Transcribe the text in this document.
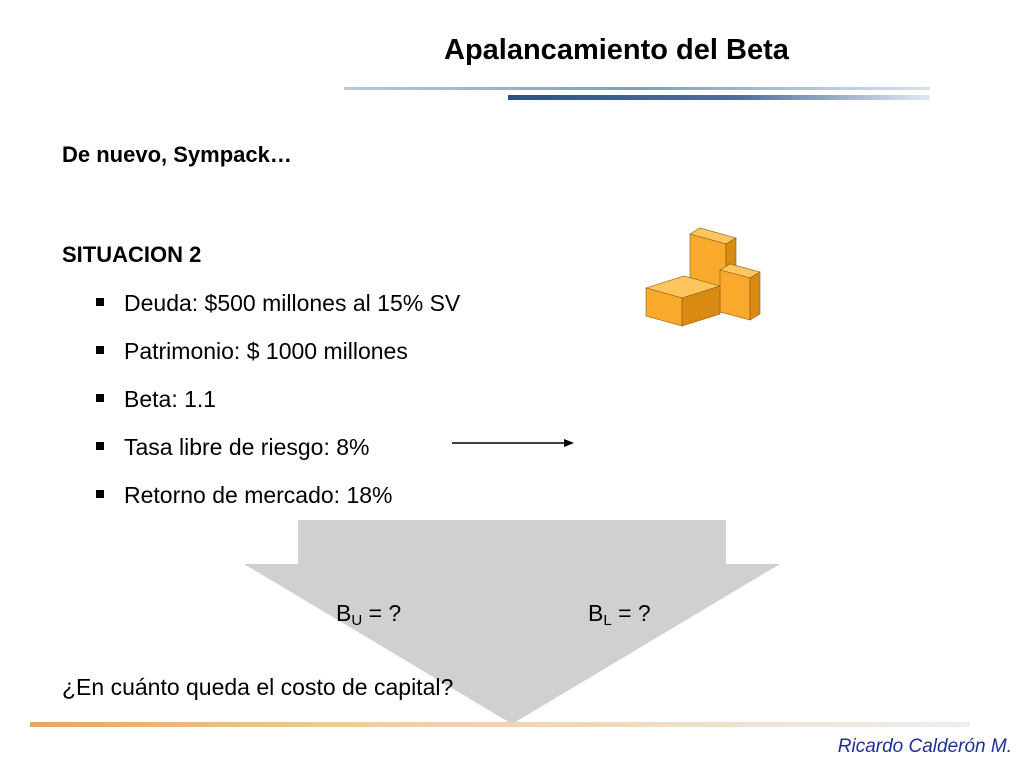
Apalancamiento del Beta
De nuevo, Sympack…
SITUACION 2
Deuda: $500 millones al 15% SV
Patrimonio: $ 1000 millones
Beta: 1.1
Tasa libre de riesgo: 8%
Retorno de mercado: 18%
$B_U$ = ?	$B_L$ = ?
¿En cuánto queda el costo de capital?
Ricardo Calderón M.
